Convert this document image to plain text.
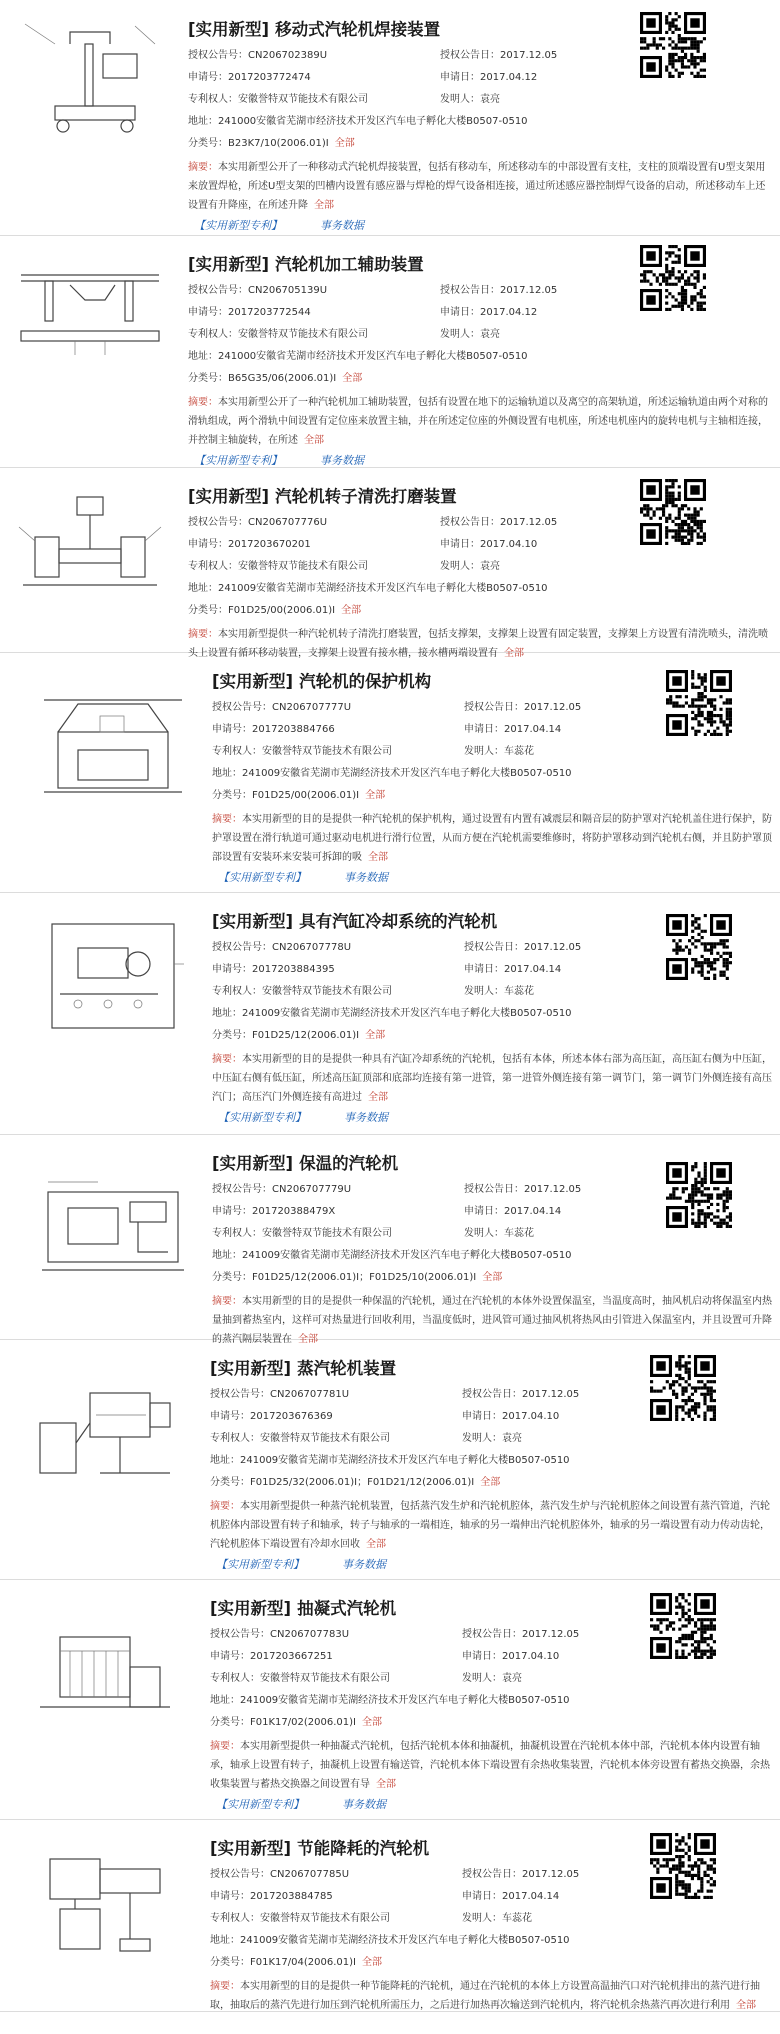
[实用新型] 移动式汽轮机焊接装置
授权公告号：CN206702389U	授权公告日：2017.12.05
申请号：2017203772474	申请日：2017.04.12
专利权人：安徽誉特双节能技术有限公司	发明人：袁亮
地址：241000安徽省芜湖市经济技术开发区汽车电子孵化大楼B0507-0510
分类号：B23K7/10(2006.01)I 全部
摘要：本实用新型公开了一种移动式汽轮机焊接装置，包括有移动车，所述移动车的中部设置有支柱，支柱的顶端设置有U型支架用来放置焊枪，所述U型支架的凹槽内设置有感应器与焊枪的焊气设备相连接，通过所述感应器控制焊气设备的启动，所述移动车上还设置有升降座，在所述升降 全部
【实用新型专利】	事务数据
[实用新型] 汽轮机加工辅助装置
授权公告号：CN206705139U	授权公告日：2017.12.05
申请号：2017203772544	申请日：2017.04.12
专利权人：安徽誉特双节能技术有限公司	发明人：袁亮
地址：241000安徽省芜湖市经济技术开发区汽车电子孵化大楼B0507-0510
分类号：B65G35/06(2006.01)I 全部
摘要：本实用新型公开了一种汽轮机加工辅助装置，包括有设置在地下的运输轨道以及离空的高架轨道，所述运输轨道由两个对称的滑轨组成，两个滑轨中间设置有定位座来放置主轴，并在所述定位座的外侧设置有电机座，所述电机座内的旋转电机与主轴相连接，并控制主轴旋转，在所述 全部
【实用新型专利】	事务数据
[实用新型] 汽轮机转子清洗打磨装置
授权公告号：CN206707776U	授权公告日：2017.12.05
申请号：2017203670201	申请日：2017.04.10
专利权人：安徽誉特双节能技术有限公司	发明人：袁亮
地址：241009安徽省芜湖市芜湖经济技术开发区汽车电子孵化大楼B0507-0510
分类号：F01D25/00(2006.01)I 全部
摘要：本实用新型提供一种汽轮机转子清洗打磨装置，包括支撑架，支撑架上设置有固定装置，支撑架上方设置有清洗喷头，清洗喷头上设置有循环移动装置，支撑架上设置有接水槽，接水槽两端设置有 全部
[实用新型] 汽轮机的保护机构
授权公告号：CN206707777U	授权公告日：2017.12.05
申请号：2017203884766	申请日：2017.04.14
专利权人：安徽誉特双节能技术有限公司	发明人：车蕊花
地址：241009安徽省芜湖市芜湖经济技术开发区汽车电子孵化大楼B0507-0510
分类号：F01D25/00(2006.01)I 全部
摘要：本实用新型的目的是提供一种汽轮机的保护机构，通过设置有内置有减震层和隔音层的防护罩对汽轮机盖住进行保护，防护罩设置在滑行轨道可通过驱动电机进行滑行位置，从而方便在汽轮机需要维修时，将防护罩移动到汽轮机右侧，并且防护罩顶部设置有安装环来安装可拆卸的吸 全部
【实用新型专利】	事务数据
[实用新型] 具有汽缸冷却系统的汽轮机
授权公告号：CN206707778U	授权公告日：2017.12.05
申请号：2017203884395	申请日：2017.04.14
专利权人：安徽誉特双节能技术有限公司	发明人：车蕊花
地址：241009安徽省芜湖市芜湖经济技术开发区汽车电子孵化大楼B0507-0510
分类号：F01D25/12(2006.01)I 全部
摘要：本实用新型的目的是提供一种具有汽缸冷却系统的汽轮机，包括有本体，所述本体右部为高压缸，高压缸右侧为中压缸，中压缸右侧有低压缸，所述高压缸顶部和底部均连接有第一进管，第一进管外侧连接有第一调节门，第一调节门外侧连接有高压汽门；高压汽门外侧连接有高进过 全部
【实用新型专利】	事务数据
[实用新型] 保温的汽轮机
授权公告号：CN206707779U	授权公告日：2017.12.05
申请号：201720388479X	申请日：2017.04.14
专利权人：安徽誉特双节能技术有限公司	发明人：车蕊花
地址：241009安徽省芜湖市芜湖经济技术开发区汽车电子孵化大楼B0507-0510
分类号：F01D25/12(2006.01)I；F01D25/10(2006.01)I 全部
摘要：本实用新型的目的是提供一种保温的汽轮机，通过在汽轮机的本体外设置保温室，当温度高时，抽风机启动将保温室内热量抽到蓄热室内，这样可对热量进行回收利用，当温度低时，进风管可通过抽风机将热风由引管进入保温室内，并且设置可升降的蒸汽隔层装置在 全部
[实用新型] 蒸汽轮机装置
授权公告号：CN206707781U	授权公告日：2017.12.05
申请号：2017203676369	申请日：2017.04.10
专利权人：安徽誉特双节能技术有限公司	发明人：袁亮
地址：241009安徽省芜湖市芜湖经济技术开发区汽车电子孵化大楼B0507-0510
分类号：F01D25/32(2006.01)I；F01D21/12(2006.01)I 全部
摘要：本实用新型提供一种蒸汽轮机装置，包括蒸汽发生炉和汽轮机腔体，蒸汽发生炉与汽轮机腔体之间设置有蒸汽管道，汽轮机腔体内部设置有转子和轴承，转子与轴承的一端相连，轴承的另一端伸出汽轮机腔体外，轴承的另一端设置有动力传动齿轮，汽轮机腔体下端设置有冷却水回收 全部
【实用新型专利】	事务数据
[实用新型] 抽凝式汽轮机
授权公告号：CN206707783U	授权公告日：2017.12.05
申请号：2017203667251	申请日：2017.04.10
专利权人：安徽誉特双节能技术有限公司	发明人：袁亮
地址：241009安徽省芜湖市芜湖经济技术开发区汽车电子孵化大楼B0507-0510
分类号：F01K17/02(2006.01)I 全部
摘要：本实用新型提供一种抽凝式汽轮机，包括汽轮机本体和抽凝机，抽凝机设置在汽轮机本体中部，汽轮机本体内设置有轴承，轴承上设置有转子，抽凝机上设置有输送管，汽轮机本体下端设置有余热收集装置，汽轮机本体旁设置有蓄热交换器，余热收集装置与蓄热交换器之间设置有导 全部
【实用新型专利】	事务数据
[实用新型] 节能降耗的汽轮机
授权公告号：CN206707785U	授权公告日：2017.12.05
申请号：2017203884785	申请日：2017.04.14
专利权人：安徽誉特双节能技术有限公司	发明人：车蕊花
地址：241009安徽省芜湖市芜湖经济技术开发区汽车电子孵化大楼B0507-0510
分类号：F01K17/04(2006.01)I 全部
摘要：本实用新型的目的是提供一种节能降耗的汽轮机，通过在汽轮机的本体上方设置高温抽汽口对汽轮机排出的蒸汽进行抽取，抽取后的蒸汽先进行加压到汽轮机所需压力，之后进行加热再次输送到汽轮机内，将汽轮机余热蒸汽再次进行利用 全部
